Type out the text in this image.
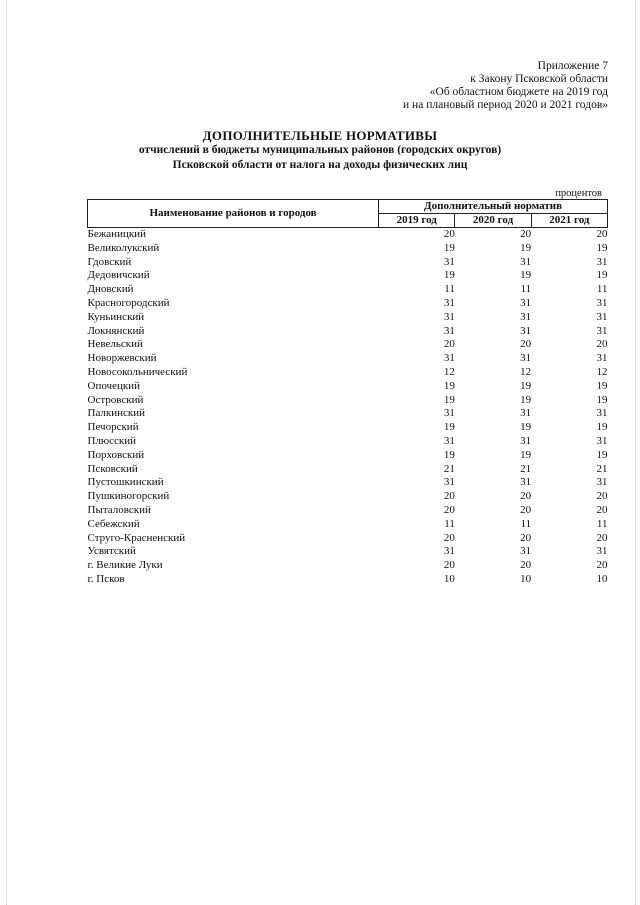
Приложение 7
к Закону Псковской области
«Об областном бюджете на 2019 год
и на плановый период 2020 и 2021 годов»
ДОПОЛНИТЕЛЬНЫЕ НОРМАТИВЫ
отчислений в бюджеты муниципальных районов (городских округов)
Псковской области от налога на доходы физических лиц
процентов
Наименование районов и городов	Дополнительный норматив		
	2019 год	2020 год	2021 год
Бежаницкий	20	20	20
Великолукский	19	19	19
Гдовский	31	31	31
Дедовичский	19	19	19
Дновский	11	11	11
Красногородский	31	31	31
Куньинский	31	31	31
Локнянский	31	31	31
Невельский	20	20	20
Новоржевский	31	31	31
Новосокольнический	12	12	12
Опочецкий	19	19	19
Островский	19	19	19
Палкинский	31	31	31
Печорский	19	19	19
Плюсский	31	31	31
Порховский	19	19	19
Псковский	21	21	21
Пустошкинский	31	31	31
Пушкиногорский	20	20	20
Пыталовский	20	20	20
Себежский	11	11	11
Струго-Красненский	20	20	20
Усвятский	31	31	31
г. Великие Луки	20	20	20
г. Псков	10	10	10
